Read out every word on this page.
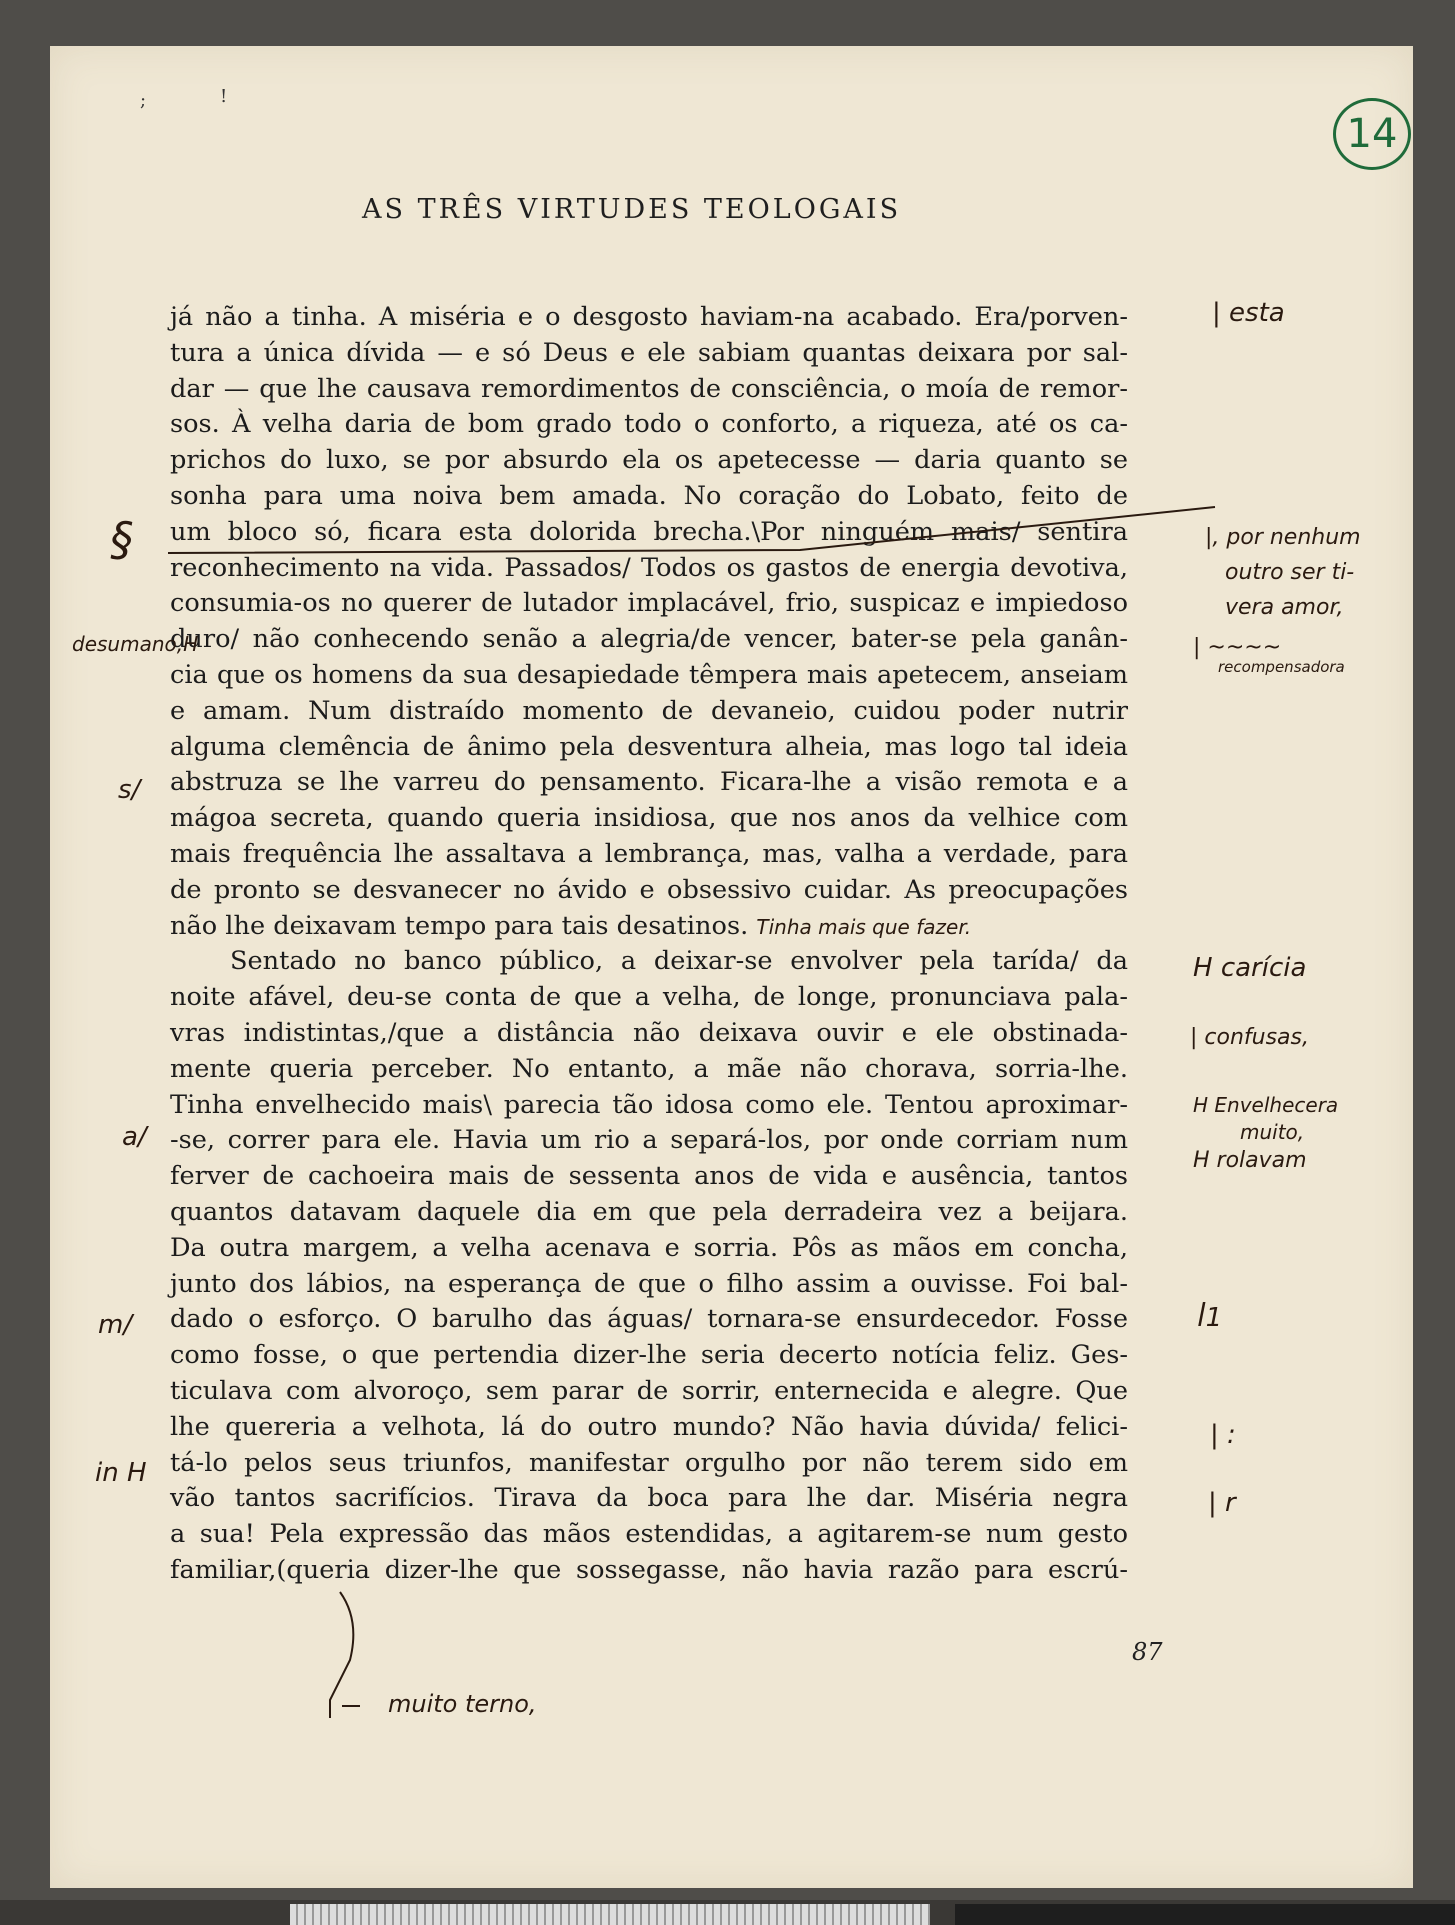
14
;	!
AS TRÊS VIRTUDES TEOLOGAIS
já não a tinha. A miséria e o desgosto haviam-na acabado. Era/porven-
tura a única dívida — e só Deus e ele sabiam quantas deixara por sal-
dar — que lhe causava remordimentos de consciência, o moía de remor-
sos. À velha daria de bom grado todo o conforto, a riqueza, até os ca-
prichos do luxo, se por absurdo ela os apetecesse — daria quanto se
sonha para uma noiva bem amada. No coração do Lobato, feito de
um bloco só, ficara esta dolorida brecha.\Por ninguém mais/ sentira
reconhecimento na vida. Passados/ Todos os gastos de energia devotiva,
consumia-os no querer de lutador implacável, frio, suspicaz e impiedoso
duro/ não conhecendo senão a alegria/de vencer, bater-se pela ganân-
cia que os homens da sua desapiedade têmpera mais apetecem, anseiam
e amam. Num distraído momento de devaneio, cuidou poder nutrir
alguma clemência de ânimo pela desventura alheia, mas logo tal ideia
abstruza se lhe varreu do pensamento. Ficara-lhe a visão remota e a
mágoa secreta, quando queria insidiosa, que nos anos da velhice com
mais frequência lhe assaltava a lembrança, mas, valha a verdade, para
de pronto se desvanecer no ávido e obsessivo cuidar. As preocupações
não lhe deixavam tempo para tais desatinos. Tinha mais que fazer.
Sentado no banco público, a deixar-se envolver pela tarída/ da
noite afável, deu-se conta de que a velha, de longe, pronunciava pala-
vras indistintas,/que a distância não deixava ouvir e ele obstinada-
mente queria perceber. No entanto, a mãe não chorava, sorria-lhe.
Tinha envelhecido mais\ parecia tão idosa como ele. Tentou aproximar-
-se, correr para ele. Havia um rio a separá-los, por onde corriam num
ferver de cachoeira mais de sessenta anos de vida e ausência, tantos
quantos datavam daquele dia em que pela derradeira vez a beijara.
Da outra margem, a velha acenava e sorria. Pôs as mãos em concha,
junto dos lábios, na esperança de que o filho assim a ouvisse. Foi bal-
dado o esforço. O barulho das águas/ tornara-se ensurdecedor. Fosse
como fosse, o que pertendia dizer-lhe seria decerto notícia feliz. Ges-
ticulava com alvoroço, sem parar de sorrir, enternecida e alegre. Que
lhe quereria a velhota, lá do outro mundo? Não havia dúvida/ felici-
tá-lo pelos seus triunfos, manifestar orgulho por não terem sido em
vão tantos sacrifícios. Tirava da boca para lhe dar. Miséria negra
a sua! Pela expressão das mãos estendidas, a agitarem-se num gesto
familiar,(queria dizer-lhe que sossegasse, não havia razão para escrú-
| esta
|, por nenhum
outro ser ti-
vera amor,
| ~~~~
recompensadora
H carícia
| confusas,
H Envelhecera
muito,
H rolavam
ꟾ1
| :
| r
§
desumano,H
s/
a/
m/
in H
muito terno,
87
